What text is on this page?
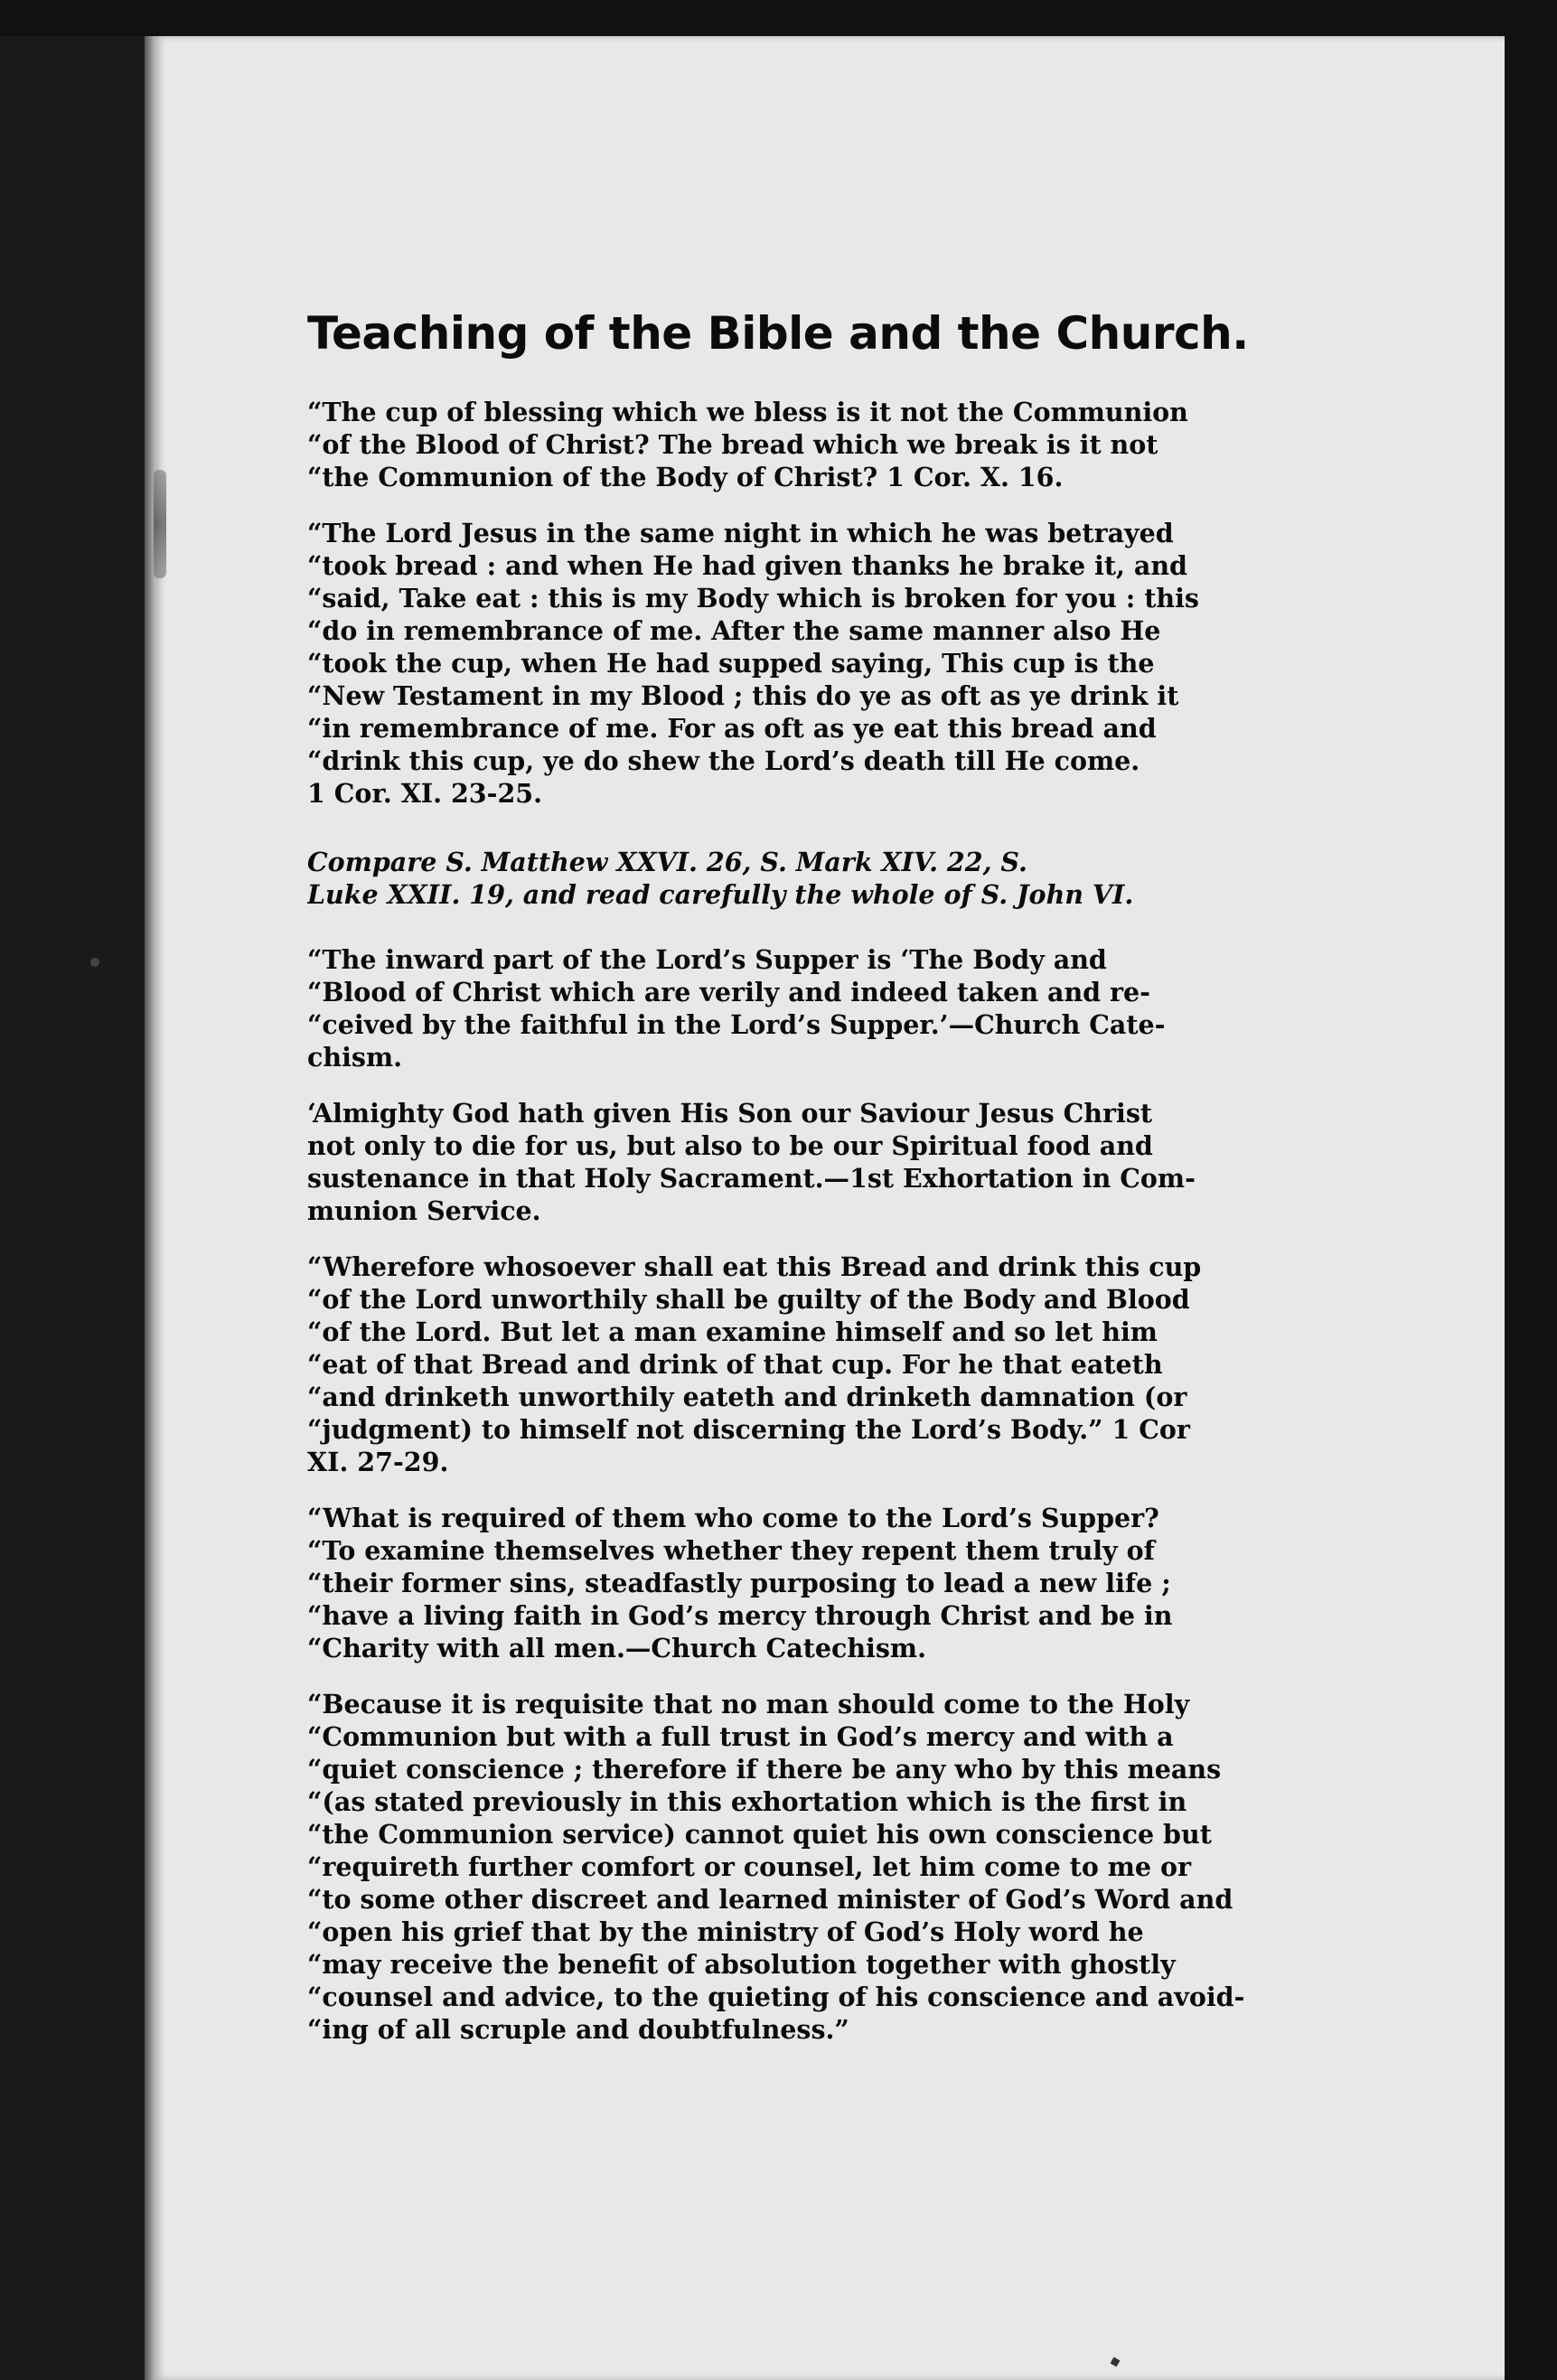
Teaching of the Bible and the Church.
“The cup of blessing which we bless is it not the Communion
“of the Blood of Christ? The bread which we break is it not
“the Communion of the Body of Christ? 1 Cor. X. 16.
“The Lord Jesus in the same night in which he was betrayed
“took bread : and when He had given thanks he brake it, and
“said, Take eat : this is my Body which is broken for you : this
“do in remembrance of me. After the same manner also He
“took the cup, when He had supped saying, This cup is the
“New Testament in my Blood ; this do ye as oft as ye drink it
“in remembrance of me. For as oft as ye eat this bread and
“drink this cup, ye do shew the Lord’s death till He come.
1 Cor. XI. 23-25.
Compare S. Matthew XXVI. 26, S. Mark XIV. 22, S.
Luke XXII. 19, and read carefully the whole of S. John VI.
“The inward part of the Lord’s Supper is ‘The Body and
“Blood of Christ which are verily and indeed taken and re-
“ceived by the faithful in the Lord’s Supper.’—Church Cate-
chism.
‘Almighty God hath given His Son our Saviour Jesus Christ
not only to die for us, but also to be our Spiritual food and
sustenance in that Holy Sacrament.—1st Exhortation in Com-
munion Service.
“Wherefore whosoever shall eat this Bread and drink this cup
“of the Lord unworthily shall be guilty of the Body and Blood
“of the Lord. But let a man examine himself and so let him
“eat of that Bread and drink of that cup. For he that eateth
“and drinketh unworthily eateth and drinketh damnation (or
“judgment) to himself not discerning the Lord’s Body.” 1 Cor
XI. 27-29.
“What is required of them who come to the Lord’s Supper?
“To examine themselves whether they repent them truly of
“their former sins, steadfastly purposing to lead a new life ;
“have a living faith in God’s mercy through Christ and be in
“Charity with all men.—Church Catechism.
“Because it is requisite that no man should come to the Holy
“Communion but with a full trust in God’s mercy and with a
“quiet conscience ; therefore if there be any who by this means
“(as stated previously in this exhortation which is the first in
“the Communion service) cannot quiet his own conscience but
“requireth further comfort or counsel, let him come to me or
“to some other discreet and learned minister of God’s Word and
“open his grief that by the ministry of God’s Holy word he
“may receive the benefit of absolution together with ghostly
“counsel and advice, to the quieting of his conscience and avoid-
“ing of all scruple and doubtfulness.”
